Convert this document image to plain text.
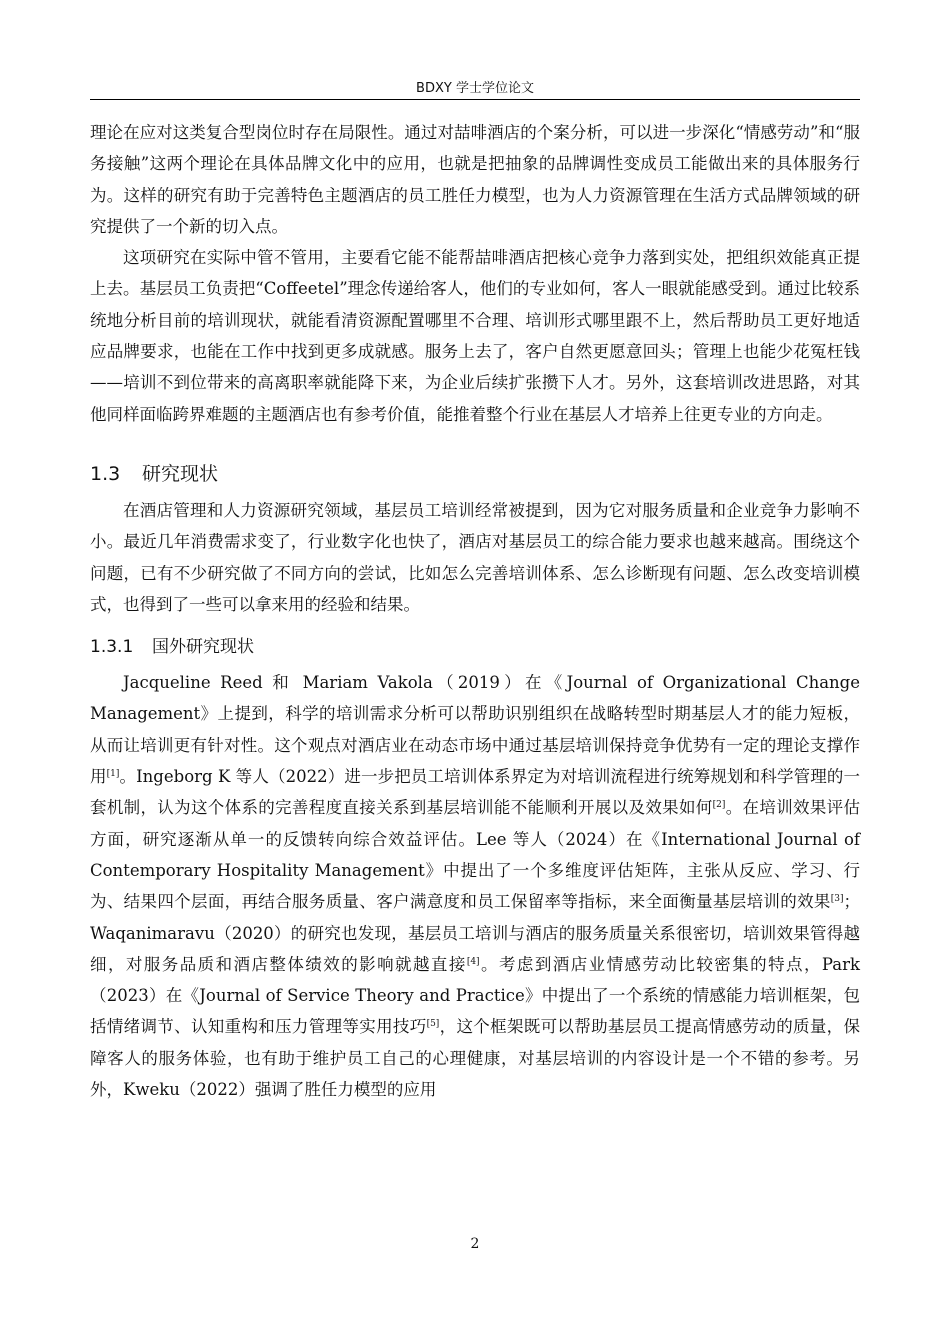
BDXY 学士学位论文

理论在应对这类复合型岗位时存在局限性。通过对喆啡酒店的个案分析，可以进一步深化“情感劳动”和“服务接触”这两个理论在具体品牌文化中的应用，也就是把抽象的品牌调性变成员工能做出来的具体服务行为。这样的研究有助于完善特色主题酒店的员工胜任力模型，也为人力资源管理在生活方式品牌领域的研究提供了一个新的切入点。

这项研究在实际中管不管用，主要看它能不能帮喆啡酒店把核心竞争力落到实处，把组织效能真正提上去。基层员工负责把“Coffeetel”理念传递给客人，他们的专业如何，客人一眼就能感受到。通过比较系统地分析目前的培训现状，就能看清资源配置哪里不合理、培训形式哪里跟不上，然后帮助员工更好地适应品牌要求，也能在工作中找到更多成就感。服务上去了，客户自然更愿意回头；管理上也能少花冤枉钱——培训不到位带来的高离职率就能降下来，为企业后续扩张攒下人才。另外，这套培训改进思路，对其他同样面临跨界难题的主题酒店也有参考价值，能推着整个行业在基层人才培养上往更专业的方向走。

1.3 研究现状

在酒店管理和人力资源研究领域，基层员工培训经常被提到，因为它对服务质量和企业竞争力影响不小。最近几年消费需求变了，行业数字化也快了，酒店对基层员工的综合能力要求也越来越高。围绕这个问题，已有不少研究做了不同方向的尝试，比如怎么完善培训体系、怎么诊断现有问题、怎么改变培训模式，也得到了一些可以拿来用的经验和结果。

1.3.1 国外研究现状

Jacqueline Reed 和 Mariam Vakola（2019）在《Journal of Organizational Change Management》上提到，科学的培训需求分析可以帮助识别组织在战略转型时期基层人才的能力短板，从而让培训更有针对性。这个观点对酒店业在动态市场中通过基层培训保持竞争优势有一定的理论支撑作用[1]。Ingeborg K 等人（2022）进一步把员工培训体系界定为对培训流程进行统筹规划和科学管理的一套机制，认为这个体系的完善程度直接关系到基层培训能不能顺利开展以及效果如何[2]。在培训效果评估方面，研究逐渐从单一的反馈转向综合效益评估。Lee 等人（2024）在《International Journal of Contemporary Hospitality Management》中提出了一个多维度评估矩阵，主张从反应、学习、行为、结果四个层面，再结合服务质量、客户满意度和员工保留率等指标，来全面衡量基层培训的效果[3]；Waqanimaravu（2020）的研究也发现，基层员工培训与酒店的服务质量关系很密切，培训效果管得越细，对服务品质和酒店整体绩效的影响就越直接[4]。考虑到酒店业情感劳动比较密集的特点，Park（2023）在《Journal of Service Theory and Practice》中提出了一个系统的情感能力培训框架，包括情绪调节、认知重构和压力管理等实用技巧[5]，这个框架既可以帮助基层员工提高情感劳动的质量，保障客人的服务体验，也有助于维护员工自己的心理健康，对基层培训的内容设计是一个不错的参考。另外，Kweku（2022）强调了胜任力模型的应用

2
